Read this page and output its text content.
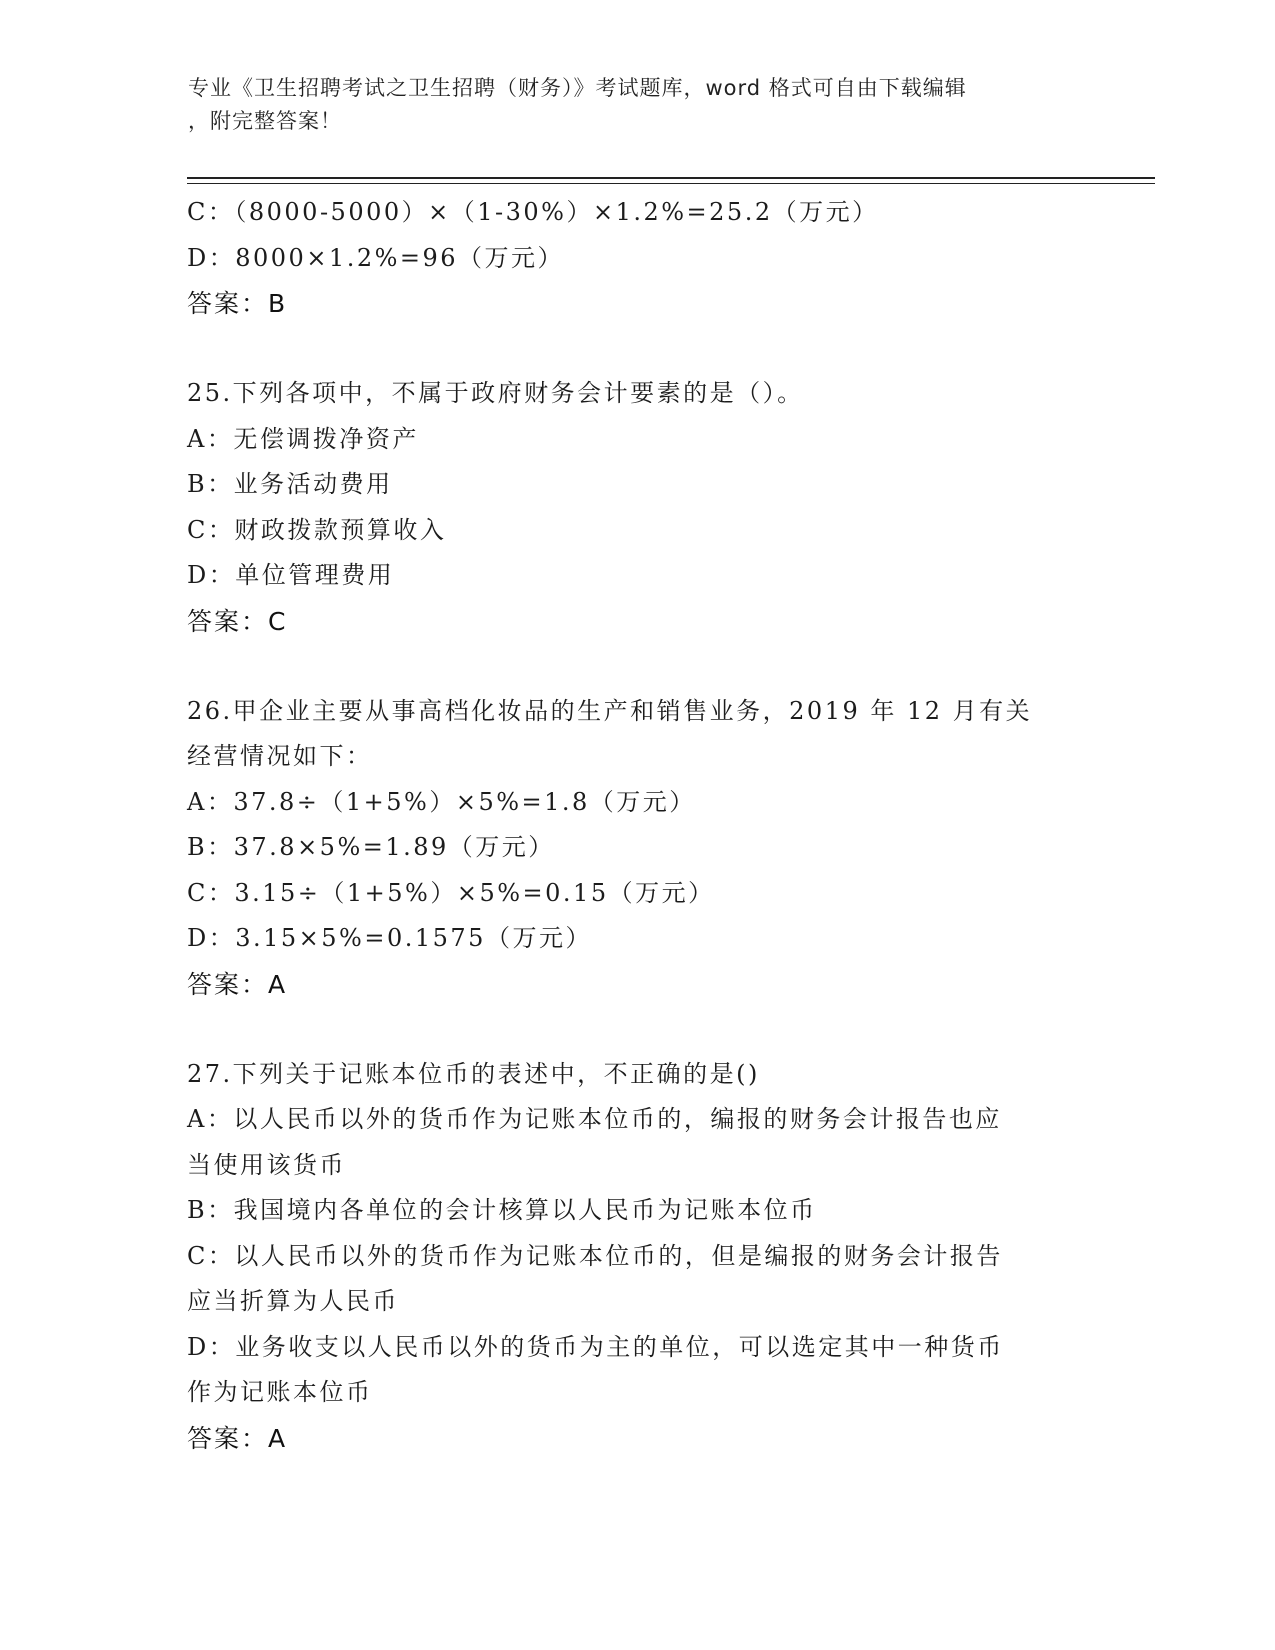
专业《卫生招聘考试之卫生招聘（财务）》考试题库，word 格式可自由下载编辑
，附完整答案！
C：（8000-5000）×（1-30%）×1.2%=25.2（万元）
D：8000×1.2%=96（万元）
答案：B
25.下列各项中，不属于政府财务会计要素的是（）。
A：无偿调拨净资产
B：业务活动费用
C：财政拨款预算收入
D：单位管理费用
答案：C
26.甲企业主要从事高档化妆品的生产和销售业务，2019 年 12 月有关
经营情况如下：
A：37.8÷（1+5%）×5%=1.8（万元）
B：37.8×5%=1.89（万元）
C：3.15÷（1+5%）×5%=0.15（万元）
D：3.15×5%=0.1575（万元）
答案：A
27.下列关于记账本位币的表述中，不正确的是()
A：以人民币以外的货币作为记账本位币的，编报的财务会计报告也应
当使用该货币
B：我国境内各单位的会计核算以人民币为记账本位币
C：以人民币以外的货币作为记账本位币的，但是编报的财务会计报告
应当折算为人民币
D：业务收支以人民币以外的货币为主的单位，可以选定其中一种货币
作为记账本位币
答案：A
